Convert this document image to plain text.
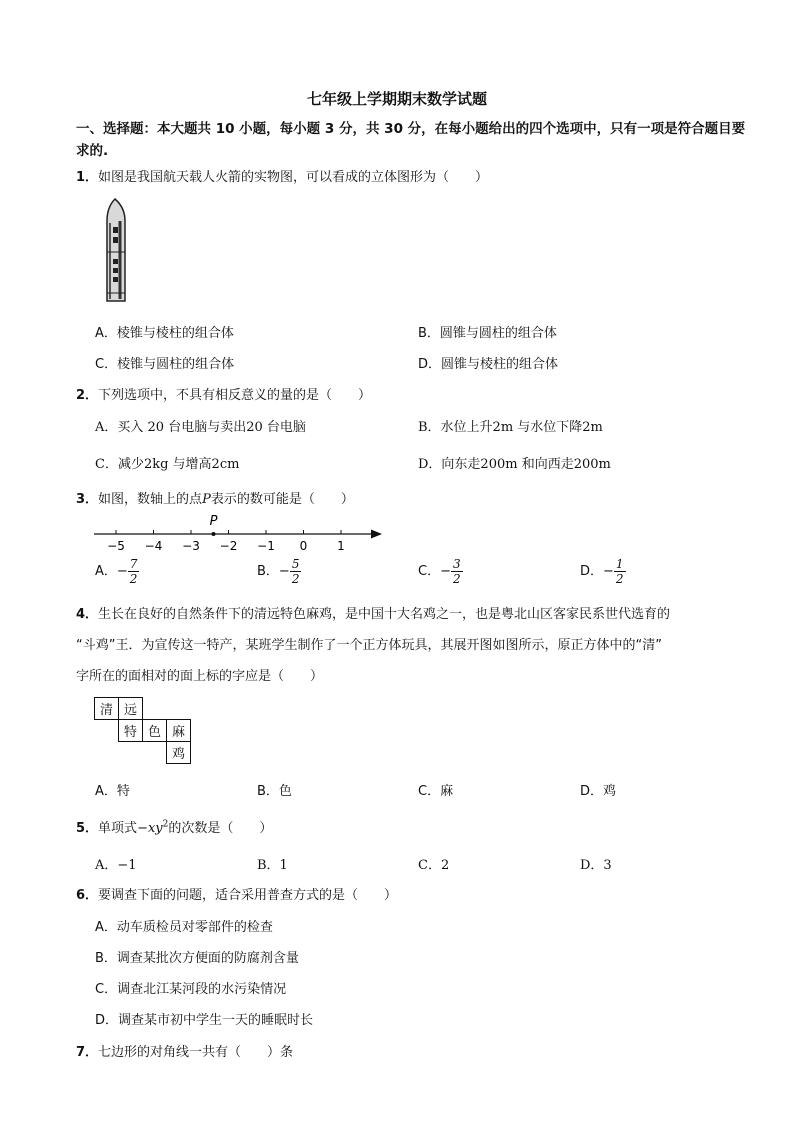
七年级上学期期末数学试题
一、选择题：本大题共 10 小题，每小题 3 分，共 30 分，在每小题给出的四个选项中，只有一项是符合题目要求的.
1．如图是我国航天载人火箭的实物图，可以看成的立体图形为（　　）
A．棱锥与棱柱的组合体	B．圆锥与圆柱的组合体
C．棱锥与圆柱的组合体	D．圆锥与棱柱的组合体
2．下列选项中，不具有相反意义的量的是（　　）
A．买入 20 台电脑与卖出20 台电脑	B．水位上升2m 与水位下降2m
C．减少2kg 与增高2cm	D．向东走200m 和向西走200m
3．如图，数轴上的点P表示的数可能是（　　）
−5 −4 −3 −2 −1 0 1
P
A．− $\frac{7}{2}$	B．− $\frac{5}{2}$	C．− $\frac{3}{2}$	D．− $\frac{1}{2}$
4．生长在良好的自然条件下的清远特色麻鸡，是中国十大名鸡之一，也是粤北山区客家民系世代选育的
“斗鸡”王．为宣传这一特产，某班学生制作了一个正方体玩具，其展开图如图所示，原正方体中的“清”
字所在的面相对的面上标的字应是（　　）
清	远		
	特	色	麻
			鸡
A．特	B．色	C．麻	D．鸡
5．单项式$-xy^2$的次数是（　　）
A．−1	B．1	C．2	D．3
6．要调查下面的问题，适合采用普查方式的是（　　）
A．动车质检员对零部件的检查
B．调查某批次方便面的防腐剂含量
C．调查北江某河段的水污染情况
D．调查某市初中学生一天的睡眠时长
7．七边形的对角线一共有（　　）条
